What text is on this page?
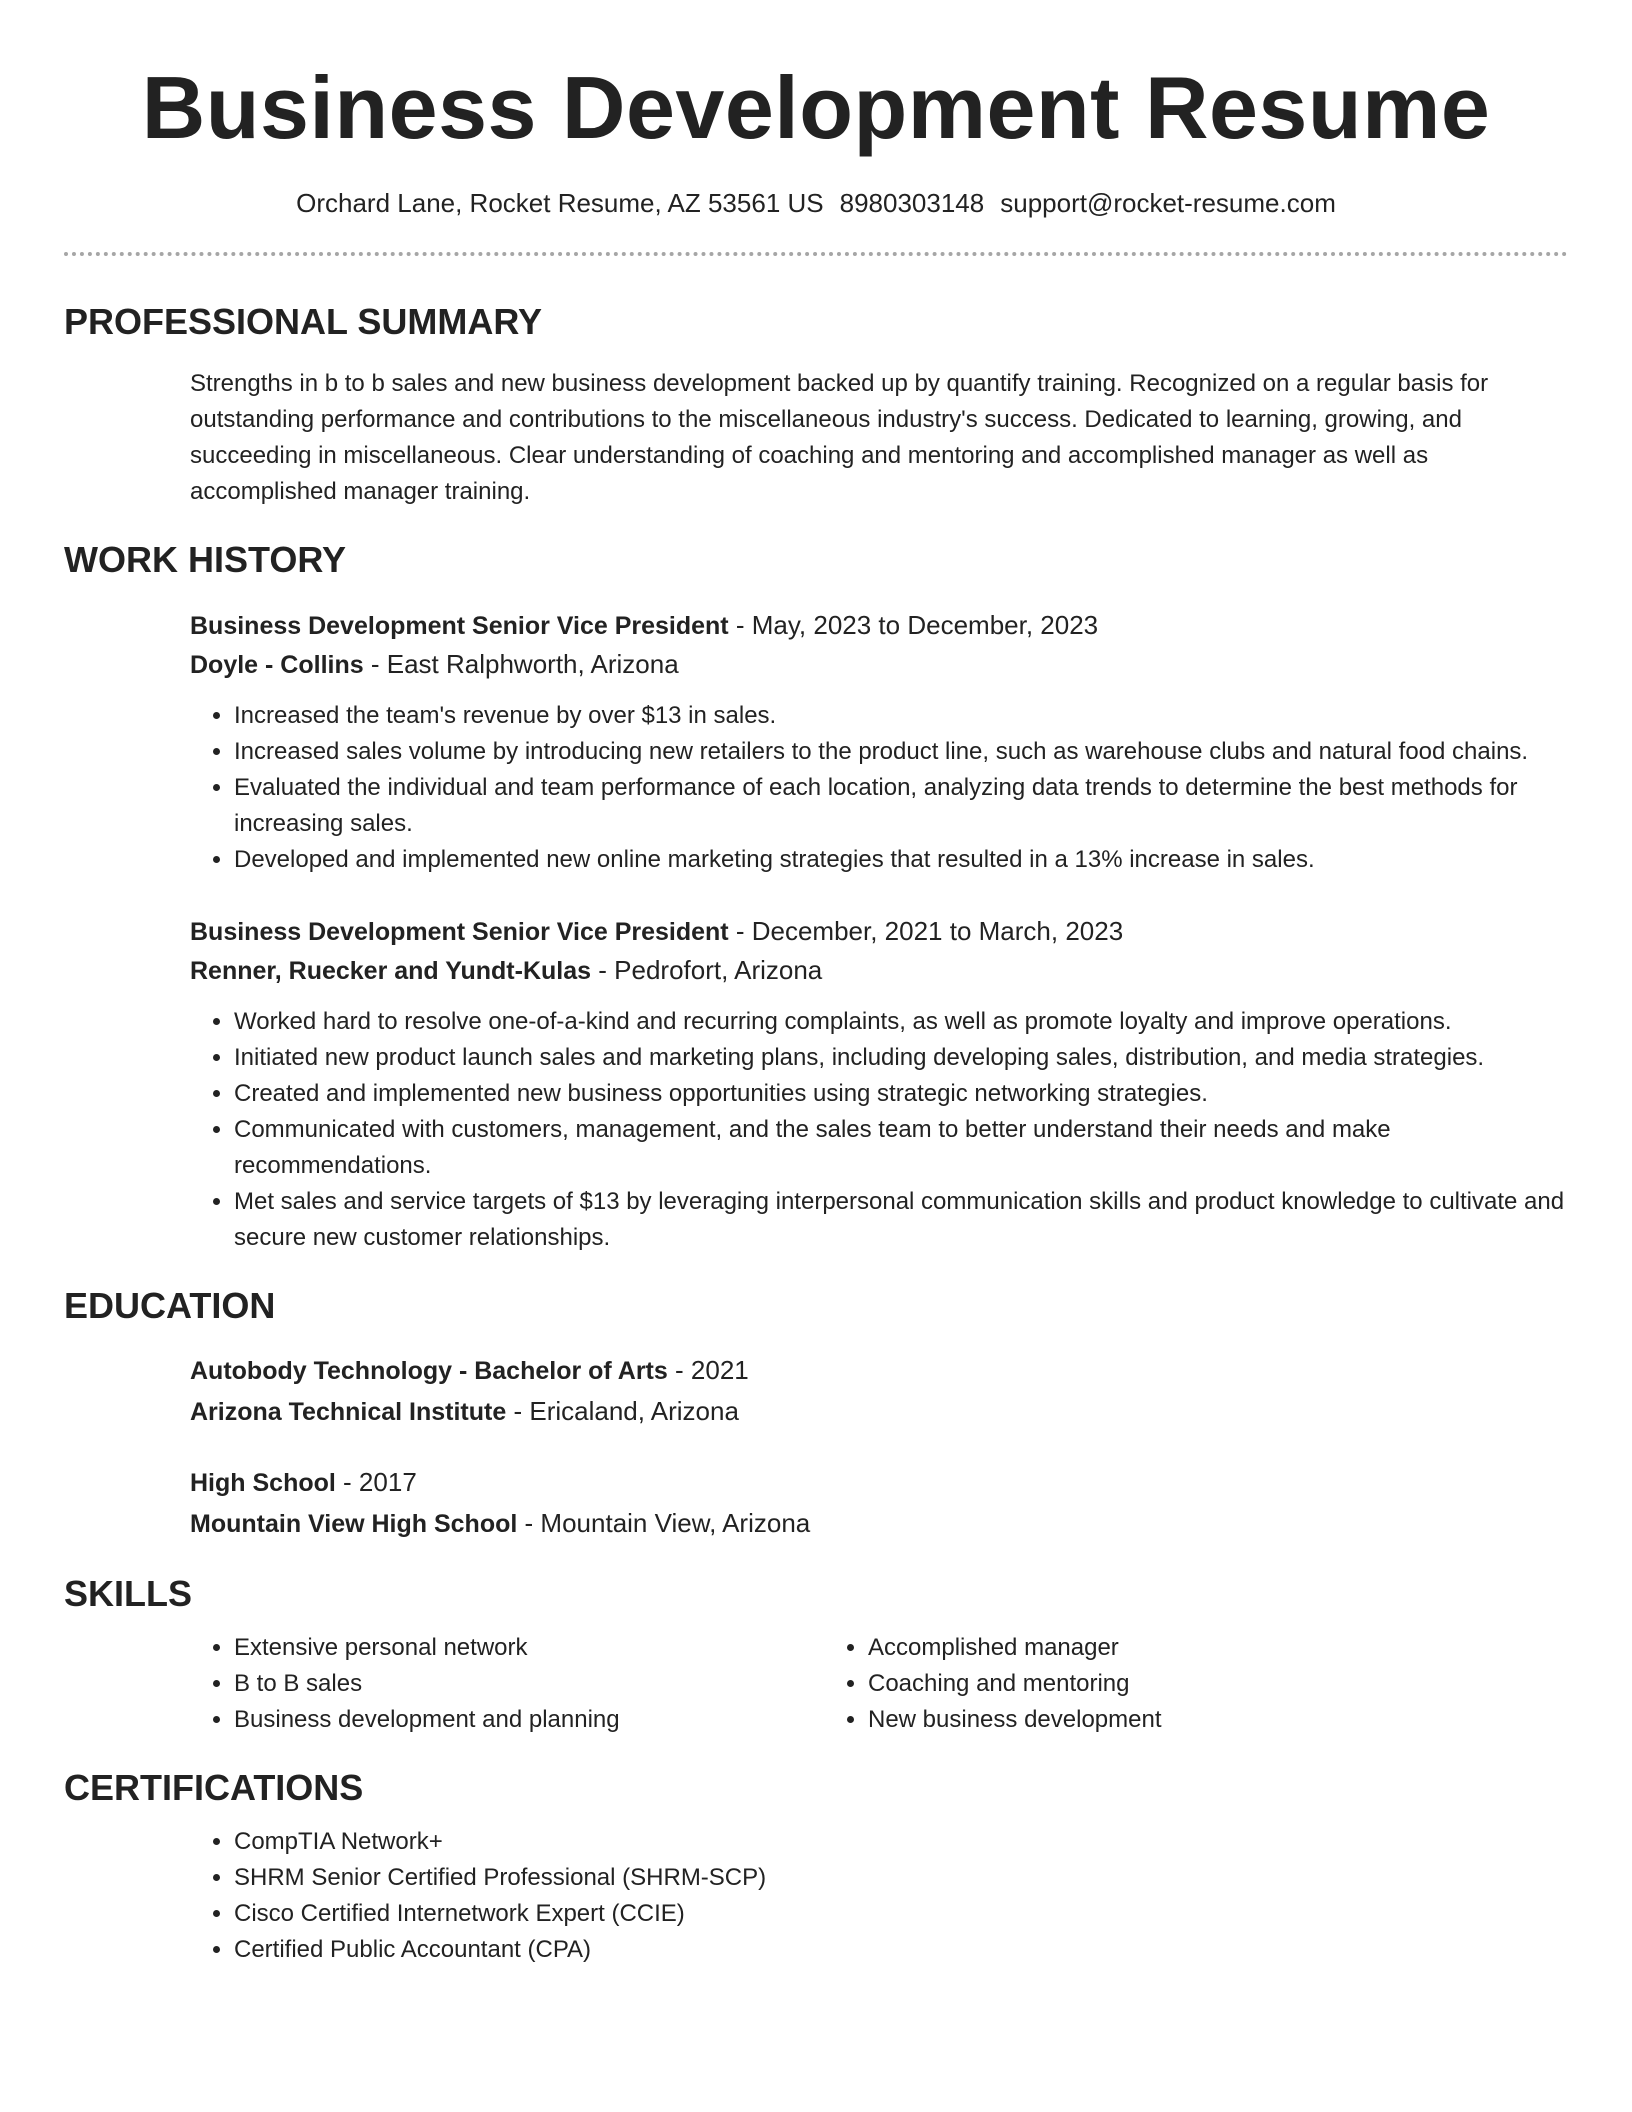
Business Development Resume
Orchard Lane, Rocket Resume, AZ 53561 US 8980303148 support@rocket-resume.com
PROFESSIONAL SUMMARY
Strengths in b to b sales and new business development backed up by quantify training. Recognized on a regular basis for outstanding performance and contributions to the miscellaneous industry's success. Dedicated to learning, growing, and succeeding in miscellaneous. Clear understanding of coaching and mentoring and accomplished manager as well as accomplished manager training.
WORK HISTORY
Business Development Senior Vice President - May, 2023 to December, 2023
Doyle - Collins - East Ralphworth, Arizona
• Increased the team's revenue by over $13 in sales.
• Increased sales volume by introducing new retailers to the product line, such as warehouse clubs and natural food chains.
• Evaluated the individual and team performance of each location, analyzing data trends to determine the best methods for increasing sales.
• Developed and implemented new online marketing strategies that resulted in a 13% increase in sales.
Business Development Senior Vice President - December, 2021 to March, 2023
Renner, Ruecker and Yundt-Kulas - Pedrofort, Arizona
• Worked hard to resolve one-of-a-kind and recurring complaints, as well as promote loyalty and improve operations.
• Initiated new product launch sales and marketing plans, including developing sales, distribution, and media strategies.
• Created and implemented new business opportunities using strategic networking strategies.
• Communicated with customers, management, and the sales team to better understand their needs and make recommendations.
• Met sales and service targets of $13 by leveraging interpersonal communication skills and product knowledge to cultivate and secure new customer relationships.
EDUCATION
Autobody Technology - Bachelor of Arts - 2021
Arizona Technical Institute - Ericaland, Arizona
High School - 2017
Mountain View High School - Mountain View, Arizona
SKILLS
• Extensive personal network
• B to B sales
• Business development and planning
• Accomplished manager
• Coaching and mentoring
• New business development
CERTIFICATIONS
• CompTIA Network+
• SHRM Senior Certified Professional (SHRM-SCP)
• Cisco Certified Internetwork Expert (CCIE)
• Certified Public Accountant (CPA)
